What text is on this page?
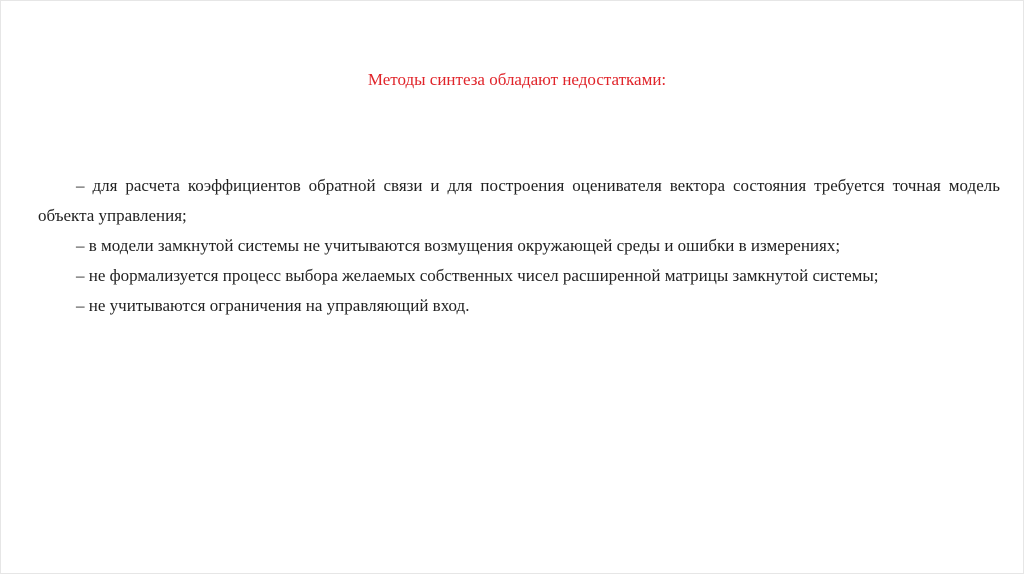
Методы синтеза обладают недостатками:

– для расчета коэффициентов обратной связи и для построения оценивателя вектора состояния требуется точная модель объекта управления;

– в модели замкнутой системы не учитываются возмущения окружающей среды и ошибки в измерениях;

– не формализуется процесс выбора желаемых собственных чисел расширенной матрицы замкнутой системы;

– не учитываются ограничения на управляющий вход.
